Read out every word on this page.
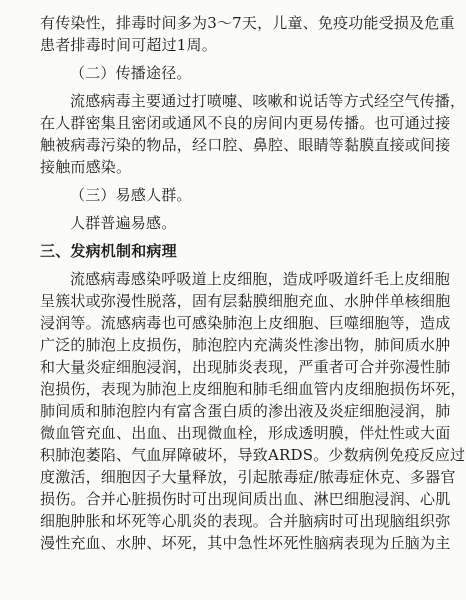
有传染性，排毒时间多为3～7天，儿童、免疫功能受损及危重

患者排毒时间可超过1周。

（二）传播途径。

流感病毒主要通过打喷嚏、咳嗽和说话等方式经空气传播，

在人群密集且密闭或通风不良的房间内更易传播。也可通过接

触被病毒污染的物品，经口腔、鼻腔、眼睛等黏膜直接或间接

接触而感染。

（三）易感人群。

人群普遍易感。

三、发病机制和病理

流感病毒感染呼吸道上皮细胞，造成呼吸道纤毛上皮细胞

呈簇状或弥漫性脱落，固有层黏膜细胞充血、水肿伴单核细胞

浸润等。流感病毒也可感染肺泡上皮细胞、巨噬细胞等，造成

广泛的肺泡上皮损伤，肺泡腔内充满炎性渗出物，肺间质水肿

和大量炎症细胞浸润，出现肺炎表现，严重者可合并弥漫性肺

泡损伤，表现为肺泡上皮细胞和肺毛细血管内皮细胞损伤坏死，

肺间质和肺泡腔内有富含蛋白质的渗出液及炎症细胞浸润，肺

微血管充血、出血、出现微血栓，形成透明膜，伴灶性或大面

积肺泡萎陷、气血屏障破坏，导致ARDS。少数病例免疫反应过

度激活，细胞因子大量释放，引起脓毒症/脓毒症休克、多器官

损伤。合并心脏损伤时可出现间质出血、淋巴细胞浸润、心肌

细胞肿胀和坏死等心肌炎的表现。合并脑病时可出现脑组织弥

漫性充血、水肿、坏死，其中急性坏死性脑病表现为丘脑为主
